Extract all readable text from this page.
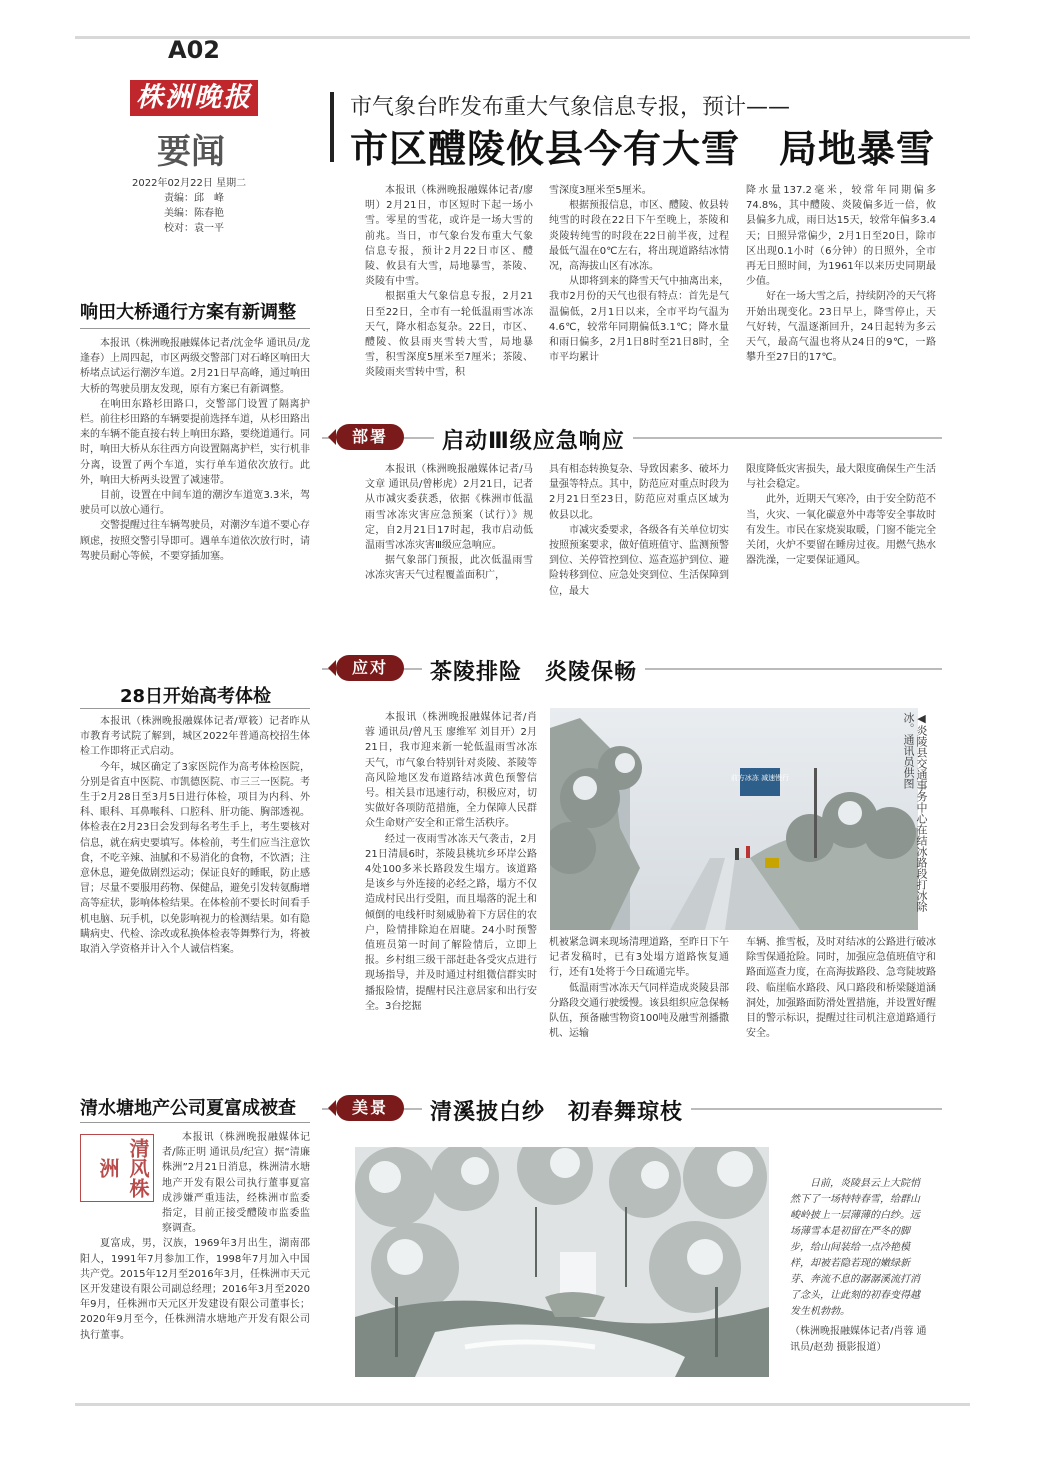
A02
株洲晚报
要闻
2022年02月22日 星期二
责编：邱　峰
美编：陈春艳
校对：袁一平
市气象台昨发布重大气象信息专报，预计——
市区醴陵攸县今有大雪　局地暴雪

本报讯（株洲晚报融媒体记者/廖明）2月21日，市区短时下起一场小雪。零星的雪花，或许是一场大雪的前兆。当日，市气象台发布重大气象信息专报，预计2月22日市区、醴陵、攸县有大雪，局地暴雪，茶陵、炎陵有中雪。

根据重大气象信息专报，2月21日至22日，全市有一轮低温雨雪冰冻天气，降水相态复杂。22日，市区、醴陵、攸县雨夹雪转大雪，局地暴雪，积雪深度5厘米至7厘米；茶陵、炎陵雨夹雪转中雪，积

雪深度3厘米至5厘米。

根据预报信息，市区、醴陵、攸县转纯雪的时段在22日下午至晚上，茶陵和炎陵转纯雪的时段在22日前半夜，过程最低气温在0℃左右，将出现道路结冰情况，高海拔山区有冰冻。

从即将到来的降雪天气中抽离出来，我市2月份的天气也很有特点：首先是气温偏低，2月1日以来，全市平均气温为4.6℃，较常年同期偏低3.1℃；降水量和雨日偏多，2月1日8时至21日8时，全市平均累计

降水量137.2毫米，较常年同期偏多74.8%，其中醴陵、炎陵偏多近一倍，攸县偏多九成，雨日达15天，较常年偏多3.4天；日照异常偏少，2月1日至20日，除市区出现0.1小时（6分钟）的日照外，全市再无日照时间，为1961年以来历史同期最少值。

好在一场大雪之后，持续阴冷的天气将开始出现变化。23日早上，降雪停止，天气好转，气温逐渐回升，24日起转为多云天气，最高气温也将从24日的9℃，一路攀升至27日的17℃。

响田大桥通行方案有新调整

本报讯（株洲晚报融媒体记者/沈金华 通讯员/龙逢春）上周四起，市区两级交警部门对石峰区响田大桥堵点试运行潮汐车道。2月21日早高峰，通过响田大桥的驾驶员朋友发现，原有方案已有新调整。

在响田东路杉田路口，交警部门设置了隔离护栏。前往杉田路的车辆要提前选择车道，从杉田路出来的车辆不能直接右转上响田东路，要绕道通行。同时，响田大桥从东往西方向设置隔离护栏，实行机非分离，设置了两个车道，实行单车道依次放行。此外，响田大桥两头设置了减速带。

目前，设置在中间车道的潮汐车道宽3.3米，驾驶员可以放心通行。

交警提醒过往车辆驾驶员，对潮汐车道不要心存顾虑，按照交警引导即可。遇单车道依次放行时，请驾驶员耐心等候，不要穿插加塞。

28日开始高考体检

本报讯（株洲晚报融媒体记者/覃筱）记者昨从市教育考试院了解到，城区2022年普通高校招生体检工作即将正式启动。

今年，城区确定了3家医院作为高考体检医院，分别是省直中医院、市凯德医院、市三三一医院。考生于2月28日至3月5日进行体检，项目为内科、外科、眼科、耳鼻喉科、口腔科、肝功能、胸部透视。体检表在2月23日会发到每名考生手上，考生要核对信息，就在病史要填写。体检前，考生们应当注意饮食，不吃辛辣、油腻和不易消化的食物，不饮酒；注意休息，避免做剧烈运动；保证良好的睡眠，防止感冒；尽量不要服用药物、保健品，避免引发转氨酶增高等症状，影响体检结果。在体检前不要长时间看手机电脑、玩手机，以免影响视力的检测结果。如有隐瞒病史、代检、涂改或私换体检表等舞弊行为，将被取消入学资格并计入个人诚信档案。

清水塘地产公司夏富成被查
清风株洲

本报讯（株洲晚报融媒体记者/陈正明 通讯员/纪宣）据“清廉株洲”2月21日消息，株洲清水塘地产开发有限公司执行董事夏富成涉嫌严重违法，经株洲市监委指定，目前正接受醴陵市监委监察调查。

夏富成，男，汉族，1969年3月出生，湖南邵阳人，1991年7月参加工作，1998年7月加入中国共产党。2015年12月至2016年3月，任株洲市天元区开发建设有限公司副总经理；2016年3月至2020年9月，任株洲市天元区开发建设有限公司董事长；2020年9月至今，任株洲清水塘地产开发有限公司执行董事。

部署	启动Ⅲ级应急响应

本报讯（株洲晚报融媒体记者/马文章 通讯员/曾彬虎）2月21日，记者从市减灾委获悉，依据《株洲市低温雨雪冰冻灾害应急预案（试行）》规定，自2月21日17时起，我市启动低温雨雪冰冻灾害Ⅲ级应急响应。

据气象部门预报，此次低温雨雪冰冻灾害天气过程覆盖面积广，

具有相态转换复杂、导致因素多、破坏力量强等特点。其中，防范应对重点时段为2月21日至23日，防范应对重点区域为攸县以北。

市减灾委要求，各级各有关单位切实按照预案要求，做好值班值守、监测预警到位、关停管控到位、巡查巡护到位、避险转移到位、应急处突到位、生活保障到位，最大

限度降低灾害损失，最大限度确保生产生活与社会稳定。

此外，近期天气寒冷，由于安全防范不当，火灾、一氧化碳意外中毒等安全事故时有发生。市民在家烧炭取暖，门窗不能完全关闭，火炉不要留在睡房过夜。用燃气热水器洗澡，一定要保证通风。

应对	茶陵排险　炎陵保畅

本报讯（株洲晚报融媒体记者/肖蓉 通讯员/曾凡玉 廖维军 刘目开）2月21日，我市迎来新一轮低温雨雪冰冻天气，市气象台特别针对炎陵、茶陵等高风险地区发布道路结冰黄色预警信号。相关县市迅速行动，积极应对，切实做好各项防范措施，全力保障人民群众生命财产安全和正常生活秩序。

经过一夜雨雪冰冻天气袭击，2月21日清晨6时，茶陵县桃坑乡环岸公路4处100多米长路段发生塌方。该道路是该乡与外连接的必经之路，塌方不仅造成村民出行受阻，而且塌落的泥土和倾倒的电线杆时刻威胁着下方居住的农户，险情排除迫在眉睫。24小时预警值班员第一时间了解险情后，立即上报。乡村组三级干部赶赴各受灾点进行现场指导，并及时通过村组微信群实时播报险情，提醒村民注意居家和出行安全。3台挖掘

前方冰冻 减速慢行	◀炎陵县交通事务中心在结冰路段打冰除冰。通讯员供图

机被紧急调来现场清理道路，至昨日下午记者发稿时，已有3处塌方道路恢复通行，还有1处将于今日疏通完毕。

低温雨雪冰冻天气同样造成炎陵县部分路段交通行驶缓慢。该县组织应急保畅队伍，预备融雪物资100吨及融雪剂播撒机、运输

车辆、推雪板，及时对结冰的公路进行破冰除雪保通抢险。同时，加强应急值班值守和路面巡查力度，在高海拔路段、急弯陡坡路段、临崖临水路段、风口路段和桥梁隧道涵洞处，加强路面防滑处置措施，并设置好醒目的警示标识，提醒过往司机注意道路通行安全。

美景	清溪披白纱　初春舞琼枝

日前，炎陵县云上大院悄然下了一场特特春雪，给群山峻岭披上一层薄薄的白纱。远场薄雪本是初留在严冬的脚步，给山间装给一点冷艳模样，却被若隐若现的嫩绿新芽、奔流不息的潺潺溪流打消了念头，让此刻的初春变得越发生机勃勃。

（株洲晚报融媒体记者/肖蓉 通讯员/赵劲 摄影报道）
